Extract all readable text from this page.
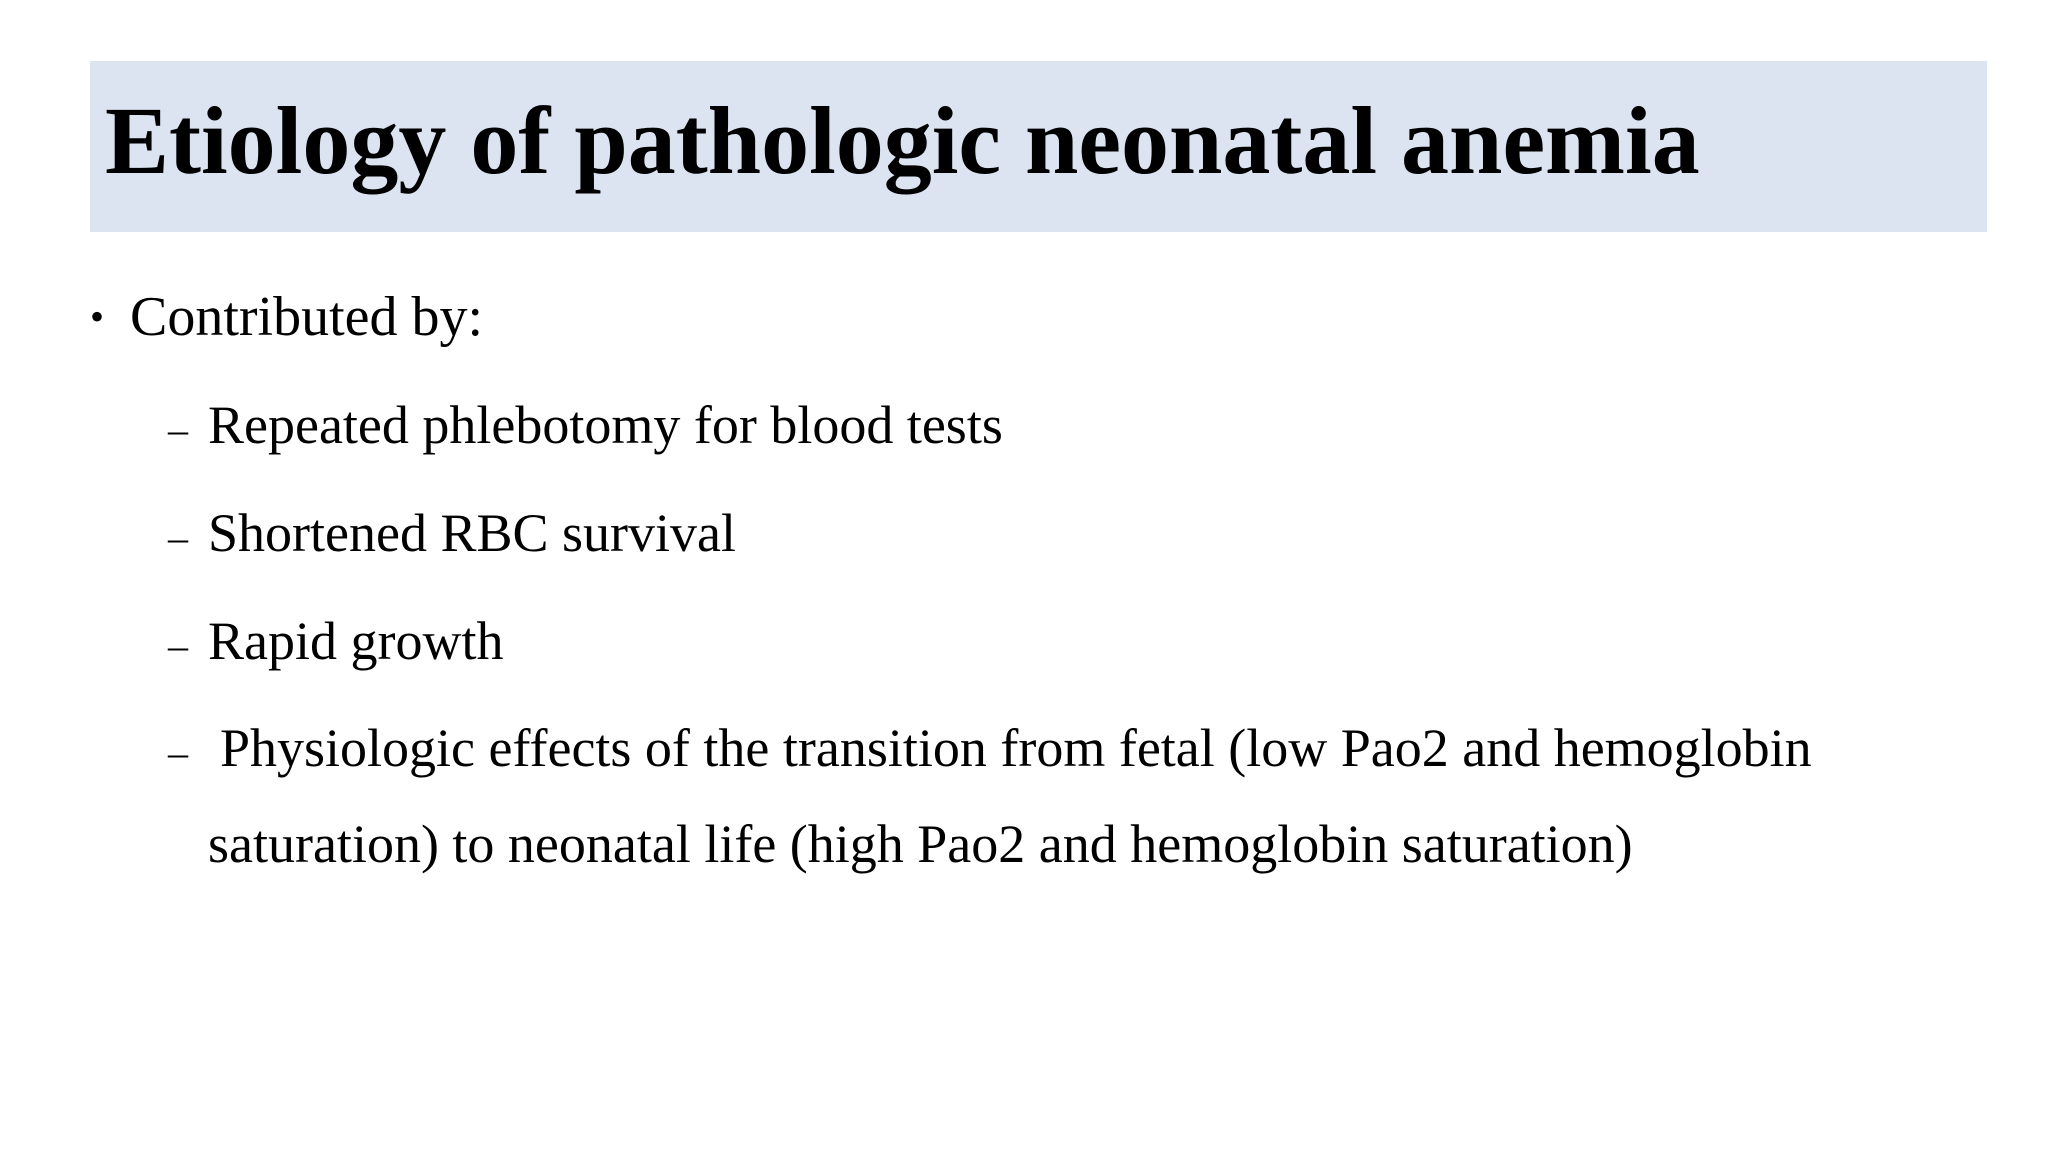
Etiology of pathologic neonatal anemia
• Contributed by:
– Repeated phlebotomy for blood tests
– Shortened RBC survival
– Rapid growth
– Physiologic effects of the transition from fetal (low Pao2 and hemoglobin
saturation) to neonatal life (high Pao2 and hemoglobin saturation)
